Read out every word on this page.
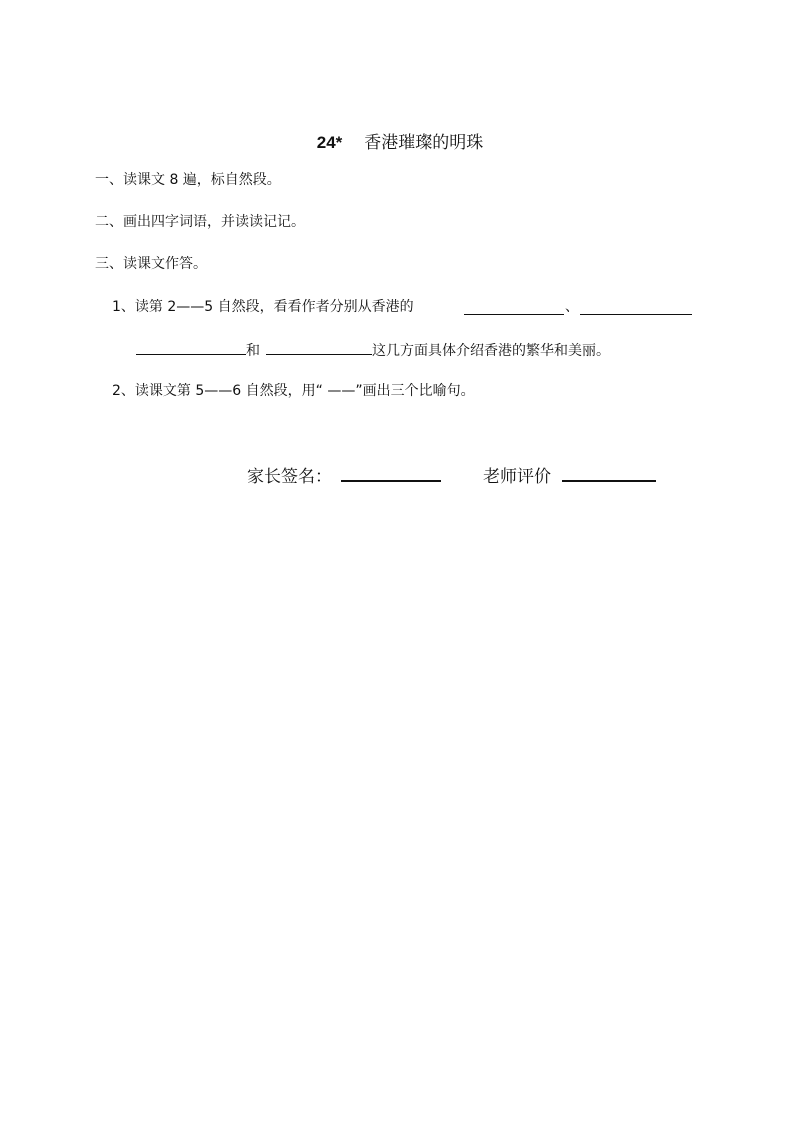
24* 香港璀璨的明珠
一、读课文 8 遍，标自然段。
二、画出四字词语，并读读记记。
三、读课文作答。
1、读第 2——5 自然段，看看作者分别从香港的	、
和	这几方面具体介绍香港的繁华和美丽。
2、读课文第 5——6 自然段，用“ ——”画出三个比喻句。
家长签名：	老师评价
